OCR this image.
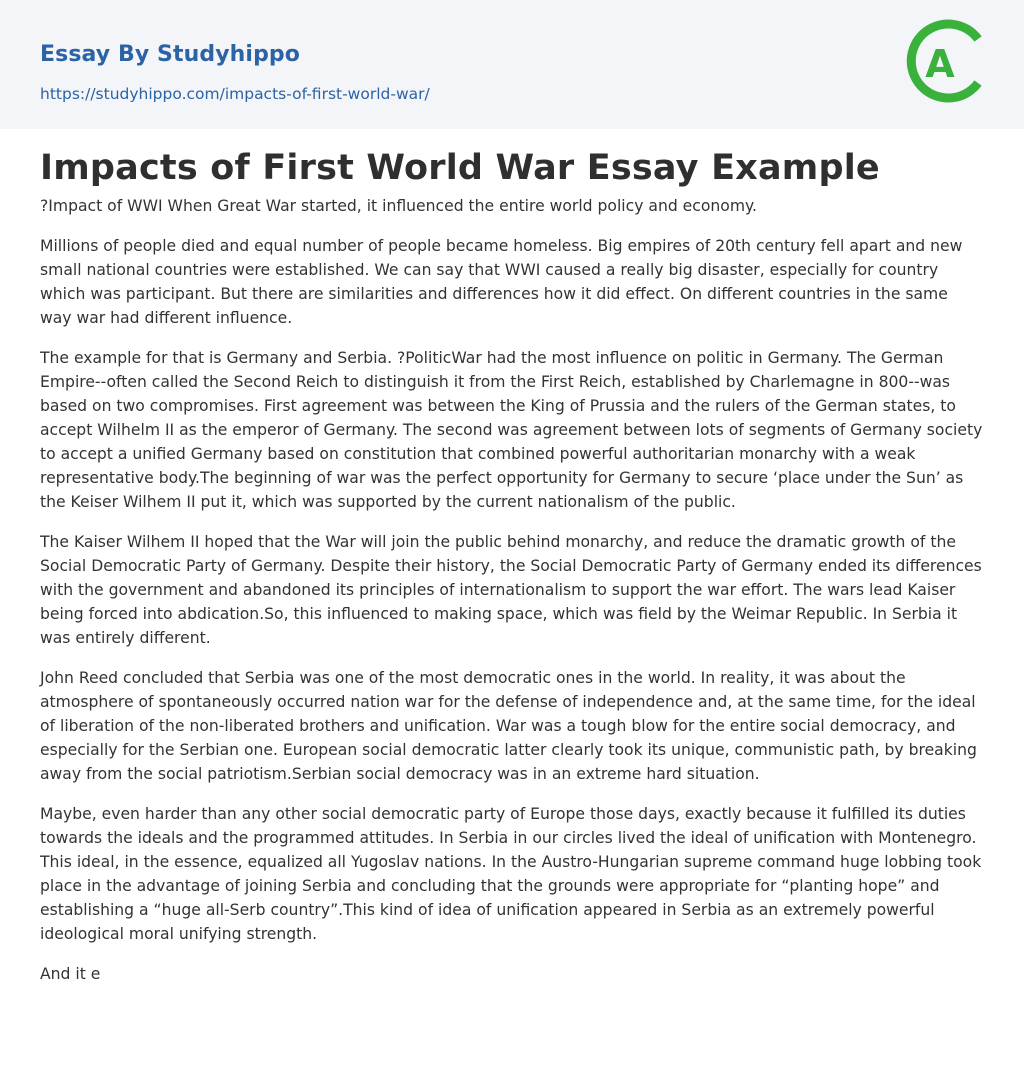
Essay By Studyhippo
https://studyhippo.com/impacts-of-first-world-war/
A
Impacts of First World War Essay Example

?Impact of WWI When Great War started, it influenced the entire world policy and economy.

Millions of people died and equal number of people became homeless. Big empires of 20th century fell apart and new small national countries were established. We can say that WWI caused a really big disaster, especially for country which was participant. But there are similarities and differences how it did effect. On different countries in the same way war had different influence.

The example for that is Germany and Serbia. ?PoliticWar had the most influence on politic in Germany. The German Empire--often called the Second Reich to distinguish it from the First Reich, established by Charlemagne in 800--was based on two compromises. First agreement was between the King of Prussia and the rulers of the German states, to accept Wilhelm II as the emperor of Germany. The second was agreement between lots of segments of Germany society to accept a unified Germany based on constitution that combined powerful authoritarian monarchy with a weak representative body.The beginning of war was the perfect opportunity for Germany to secure ‘place under the Sun’ as the Keiser Wilhem II put it, which was supported by the current nationalism of the public.

The Kaiser Wilhem II hoped that the War will join the public behind monarchy, and reduce the dramatic growth of the Social Democratic Party of Germany. Despite their history, the Social Democratic Party of Germany ended its differences with the government and abandoned its principles of internationalism to support the war effort. The wars lead Kaiser being forced into abdication.So, this influenced to making space, which was field by the Weimar Republic. In Serbia it was entirely different.

John Reed concluded that Serbia was one of the most democratic ones in the world. In reality, it was about the atmosphere of spontaneously occurred nation war for the defense of independence and, at the same time, for the ideal of liberation of the non-liberated brothers and unification. War was a tough blow for the entire social democracy, and especially for the Serbian one. European social democratic latter clearly took its unique, communistic path, by breaking away from the social patriotism.Serbian social democracy was in an extreme hard situation.

Maybe, even harder than any other social democratic party of Europe those days, exactly because it fulfilled its duties towards the ideals and the programmed attitudes. In Serbia in our circles lived the ideal of unification with Montenegro. This ideal, in the essence, equalized all Yugoslav nations. In the Austro-Hungarian supreme command huge lobbing took place in the advantage of joining Serbia and concluding that the grounds were appropriate for “planting hope” and establishing a “huge all-Serb country”.This kind of idea of unification appeared in Serbia as an extremely powerful ideological moral unifying strength.

And it e
